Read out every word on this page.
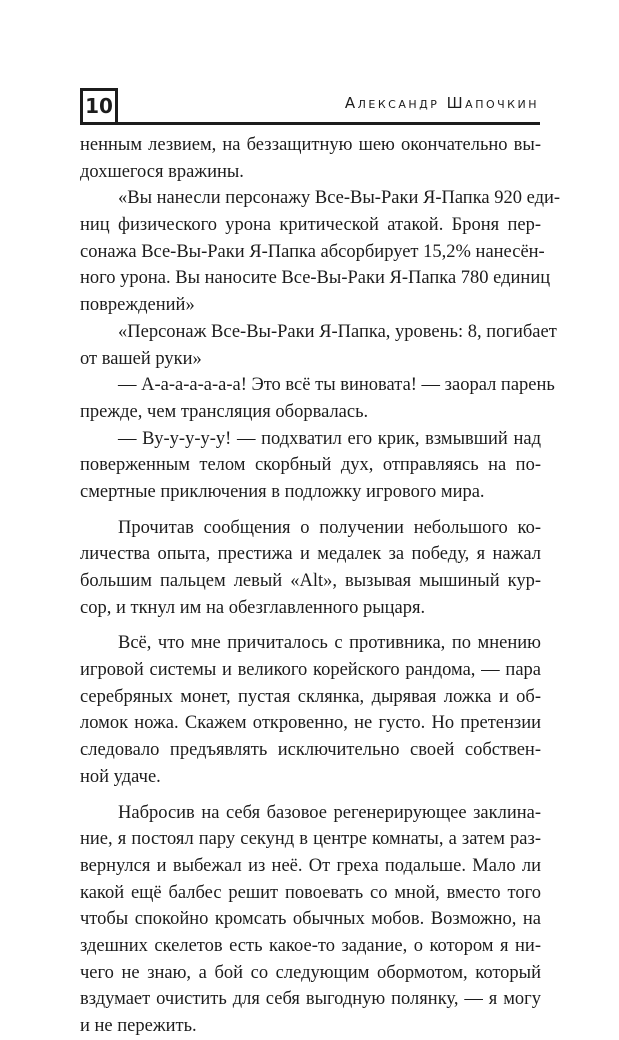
10	Александр Шапочкин
ненным лезвием, на беззащитную шею окончательно вы-
дохшегося вражины.
«Вы нанесли персонажу Все-Вы-Раки Я-Папка 920 еди-
ниц физического урона критической атакой. Броня пер-
сонажа Все-Вы-Раки Я-Папка абсорбирует 15,2% нанесён-
ного урона. Вы наносите Все-Вы-Раки Я-Папка 780 единиц
повреждений»
«Персонаж Все-Вы-Раки Я-Папка, уровень: 8, погибает
от вашей руки»
— А-а-а-а-а-а-а! Это всё ты виновата! — заорал парень
прежде, чем трансляция оборвалась.
— Ву-у-у-у-у! — подхватил его крик, взмывший над
поверженным телом скорбный дух, отправляясь на по-
смертные приключения в подложку игрового мира.
Прочитав сообщения о получении небольшого ко-
личества опыта, престижа и медалек за победу, я нажал
большим пальцем левый «Alt», вызывая мышиный кур-
сор, и ткнул им на обезглавленного рыцаря.
Всё, что мне причиталось с противника, по мнению
игровой системы и великого корейского рандома, — пара
серебряных монет, пустая склянка, дырявая ложка и об-
ломок ножа. Скажем откровенно, не густо. Но претензии
следовало предъявлять исключительно своей собствен-
ной удаче.
Набросив на себя базовое регенерирующее заклина-
ние, я постоял пару секунд в центре комнаты, а затем раз-
вернулся и выбежал из неё. От греха подальше. Мало ли
какой ещё балбес решит повоевать со мной, вместо того
чтобы спокойно кромсать обычных мобов. Возможно, на
здешних скелетов есть какое-то задание, о котором я ни-
чего не знаю, а бой со следующим обормотом, который
вздумает очистить для себя выгодную полянку, — я могу
и не пережить.
